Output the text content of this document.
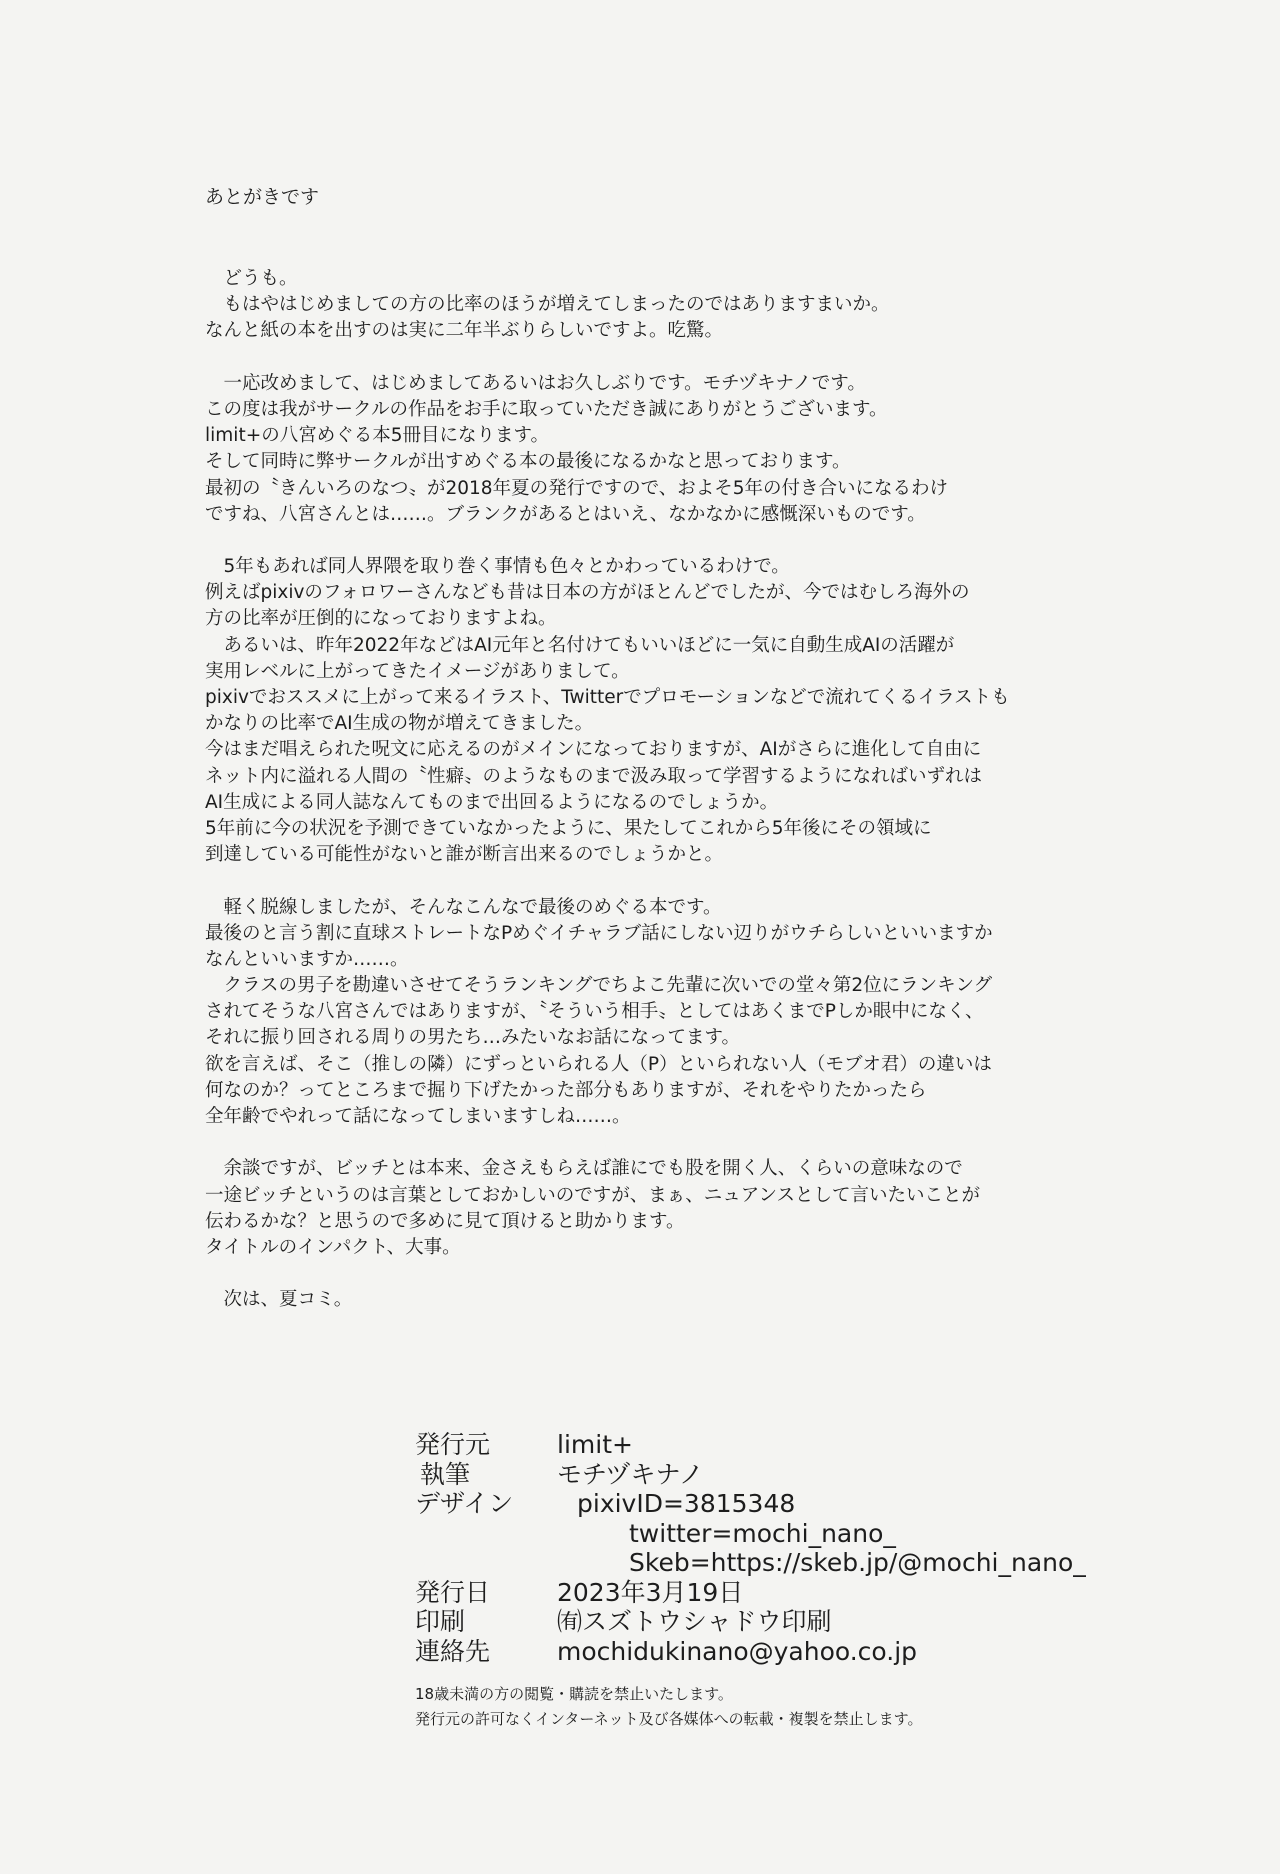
あとがきです
　どうも。
　もはやはじめましての方の比率のほうが増えてしまったのではありますまいか。
なんと紙の本を出すのは実に二年半ぶりらしいですよ。吃驚。
　一応改めまして、はじめましてあるいはお久しぶりです。モチヅキナノです。
この度は我がサークルの作品をお手に取っていただき誠にありがとうございます。
limit+の八宮めぐる本5冊目になります。
そして同時に弊サークルが出すめぐる本の最後になるかなと思っております。
最初の〝きんいろのなつ〟が2018年夏の発行ですので、およそ5年の付き合いになるわけ
ですね、八宮さんとは……。ブランクがあるとはいえ、なかなかに感慨深いものです。
　5年もあれば同人界隈を取り巻く事情も色々とかわっているわけで。
例えばpixivのフォロワーさんなども昔は日本の方がほとんどでしたが、今ではむしろ海外の
方の比率が圧倒的になっておりますよね。
　あるいは、昨年2022年などはAI元年と名付けてもいいほどに一気に自動生成AIの活躍が
実用レベルに上がってきたイメージがありまして。
pixivでおススメに上がって来るイラスト、Twitterでプロモーションなどで流れてくるイラストも
かなりの比率でAI生成の物が増えてきました。
今はまだ唱えられた呪文に応えるのがメインになっておりますが、AIがさらに進化して自由に
ネット内に溢れる人間の〝性癖〟のようなものまで汲み取って学習するようになればいずれは
AI生成による同人誌なんてものまで出回るようになるのでしょうか。
5年前に今の状況を予測できていなかったように、果たしてこれから5年後にその領域に
到達している可能性がないと誰が断言出来るのでしょうかと。
　軽く脱線しましたが、そんなこんなで最後のめぐる本です。
最後のと言う割に直球ストレートなPめぐイチャラブ話にしない辺りがウチらしいといいますか
なんといいますか……。
　クラスの男子を勘違いさせてそうランキングでちよこ先輩に次いでの堂々第2位にランキング
されてそうな八宮さんではありますが、〝そういう相手〟としてはあくまでPしか眼中になく、
それに振り回される周りの男たち…みたいなお話になってます。
欲を言えば、そこ（推しの隣）にずっといられる人（P）といられない人（モブオ君）の違いは
何なのか？ってところまで掘り下げたかった部分もありますが、それをやりたかったら
全年齢でやれって話になってしまいますしね……。
　余談ですが、ビッチとは本来、金さえもらえば誰にでも股を開く人、くらいの意味なので
一途ビッチというのは言葉としておかしいのですが、まぁ、ニュアンスとして言いたいことが
伝わるかな？と思うので多めに見て頂けると助かります。
タイトルのインパクト、大事。
　次は、夏コミ。
発行元	limit+
執筆	モチヅキナノ
デザイン	pixivID=3815348
twitter=mochi_nano_
Skeb=https://skeb.jp/@mochi_nano_
発行日	2023年3月19日
印刷	㈲スズトウシャドウ印刷
連絡先	mochidukinano@yahoo.co.jp
18歳未満の方の閲覧・購読を禁止いたします。
発行元の許可なくインターネット及び各媒体への転載・複製を禁止します。
